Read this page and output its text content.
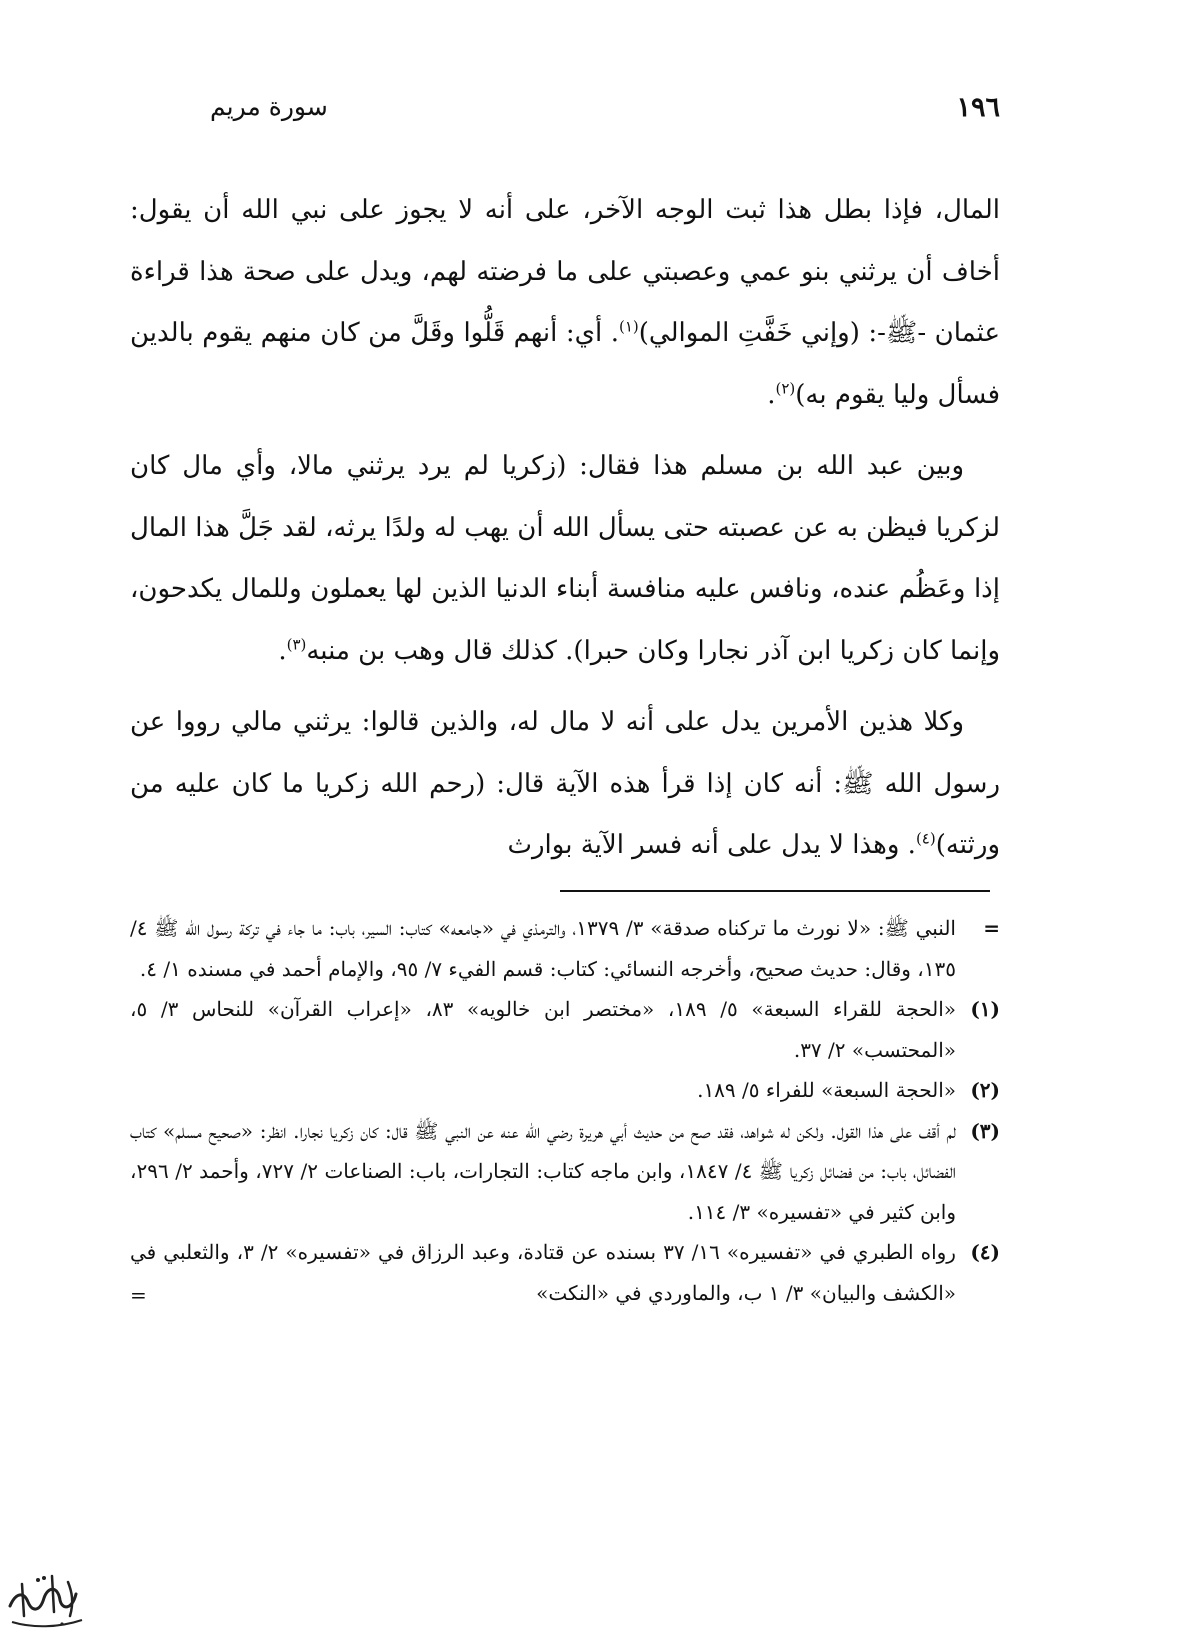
١٩٦
سورة مريم

المال، فإذا بطل هذا ثبت الوجه الآخر، على أنه لا يجوز على نبي الله أن يقول: أخاف أن يرثني بنو عمي وعصبتي على ما فرضته لهم، ويدل على صحة هذا قراءة عثمان -ﷺ-: (وإني خَفَّتِ الموالي)$^{(١)}$. أي: أنهم قَلُّوا وقَلَّ من كان منهم يقوم بالدين فسأل وليا يقوم به)$^{(٢)}$.

وبين عبد الله بن مسلم هذا فقال: (زكريا لم يرد يرثني مالا، وأي مال كان لزكريا فيظن به عن عصبته حتى يسأل الله أن يهب له ولدًا يرثه، لقد جَلَّ هذا المال إذا وعَظُم عنده، ونافس عليه منافسة أبناء الدنيا الذين لها يعملون وللمال يكدحون، وإنما كان زكريا ابن آذر نجارا وكان حبرا). كذلك قال وهب بن منبه$^{(٣)}$.

وكلا هذين الأمرين يدل على أنه لا مال له، والذين قالوا: يرثني مالي رووا عن رسول الله ﷺ: أنه كان إذا قرأ هذه الآية قال: (رحم الله زكريا ما كان عليه من ورثته)$^{(٤)}$. وهذا لا يدل على أنه فسر الآية بوارث

=
النبي ﷺ: «لا نورث ما تركناه صدقة» ٣/ ١٣٧٩، والترمذي في «جامعه» كتاب: السير، باب: ما جاء في تركة رسول الله ﷺ ٤/ ١٣٥، وقال: حديث صحيح، وأخرجه النسائي: كتاب: قسم الفيء ٧/ ٩٥، والإمام أحمد في مسنده ١/ ٤.
(١)
«الحجة للقراء السبعة» ٥/ ١٨٩، «مختصر ابن خالويه» ٨٣، «إعراب القرآن» للنحاس ٣/ ٥، «المحتسب» ٢/ ٣٧.
(٢)
«الحجة السبعة» للفراء ٥/ ١٨٩.
(٣)
لم أقف على هذا القول. ولكن له شواهد، فقد صح من حديث أبي هريرة رضي الله عنه عن النبي ﷺ قال: كان زكريا نجارا. انظر: «صحيح مسلم» كتاب الفضائل، باب: من فضائل زكريا ﷺ ٤/ ١٨٤٧، وابن ماجه كتاب: التجارات، باب: الصناعات ٢/ ٧٢٧، وأحمد ٢/ ٢٩٦، وابن كثير في «تفسيره» ٣/ ١١٤.
(٤)
رواه الطبري في «تفسيره» ١٦/ ٣٧ بسنده عن قتادة، وعبد الرزاق في «تفسيره» ٢/ ٣، والثعلبي في «الكشف والبيان» ٣/ ١ ب، والماوردي في «النكت»
=
